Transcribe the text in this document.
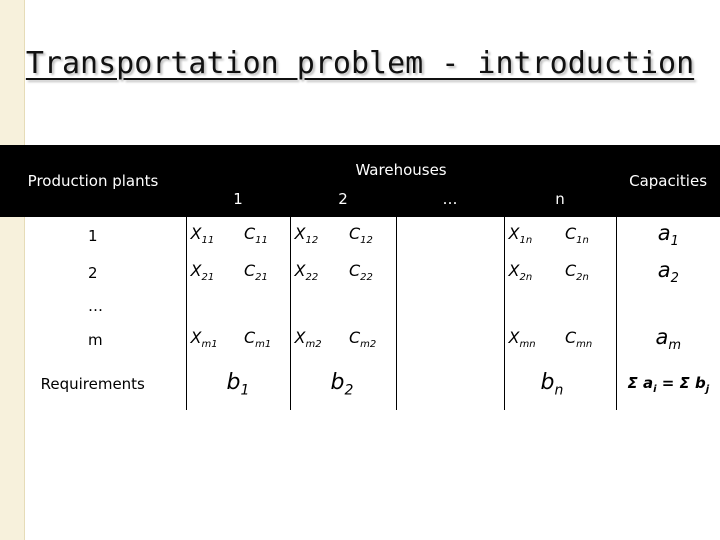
Transportation problem - introduction
Production plants	Warehouses							Capacities
	1		2		…	n		
1	$X_{11}$	$C_{11}$	$X_{12}$	$C_{12}$		$X_{1n}$	$C_{1n}$	$a_1$
2	$X_{21}$	$C_{21}$	$X_{22}$	$C_{22}$		$X_{2n}$	$C_{2n}$	$a_2$
…								
m	$X_{m1}$	$C_{m1}$	$X_{m2}$	$C_{m2}$		$X_{mn}$	$C_{mn}$	$a_m$
Requirements	$b_1$		$b_2$			$b_n$		Σ $a_i = \Sigma$ $b_j$
